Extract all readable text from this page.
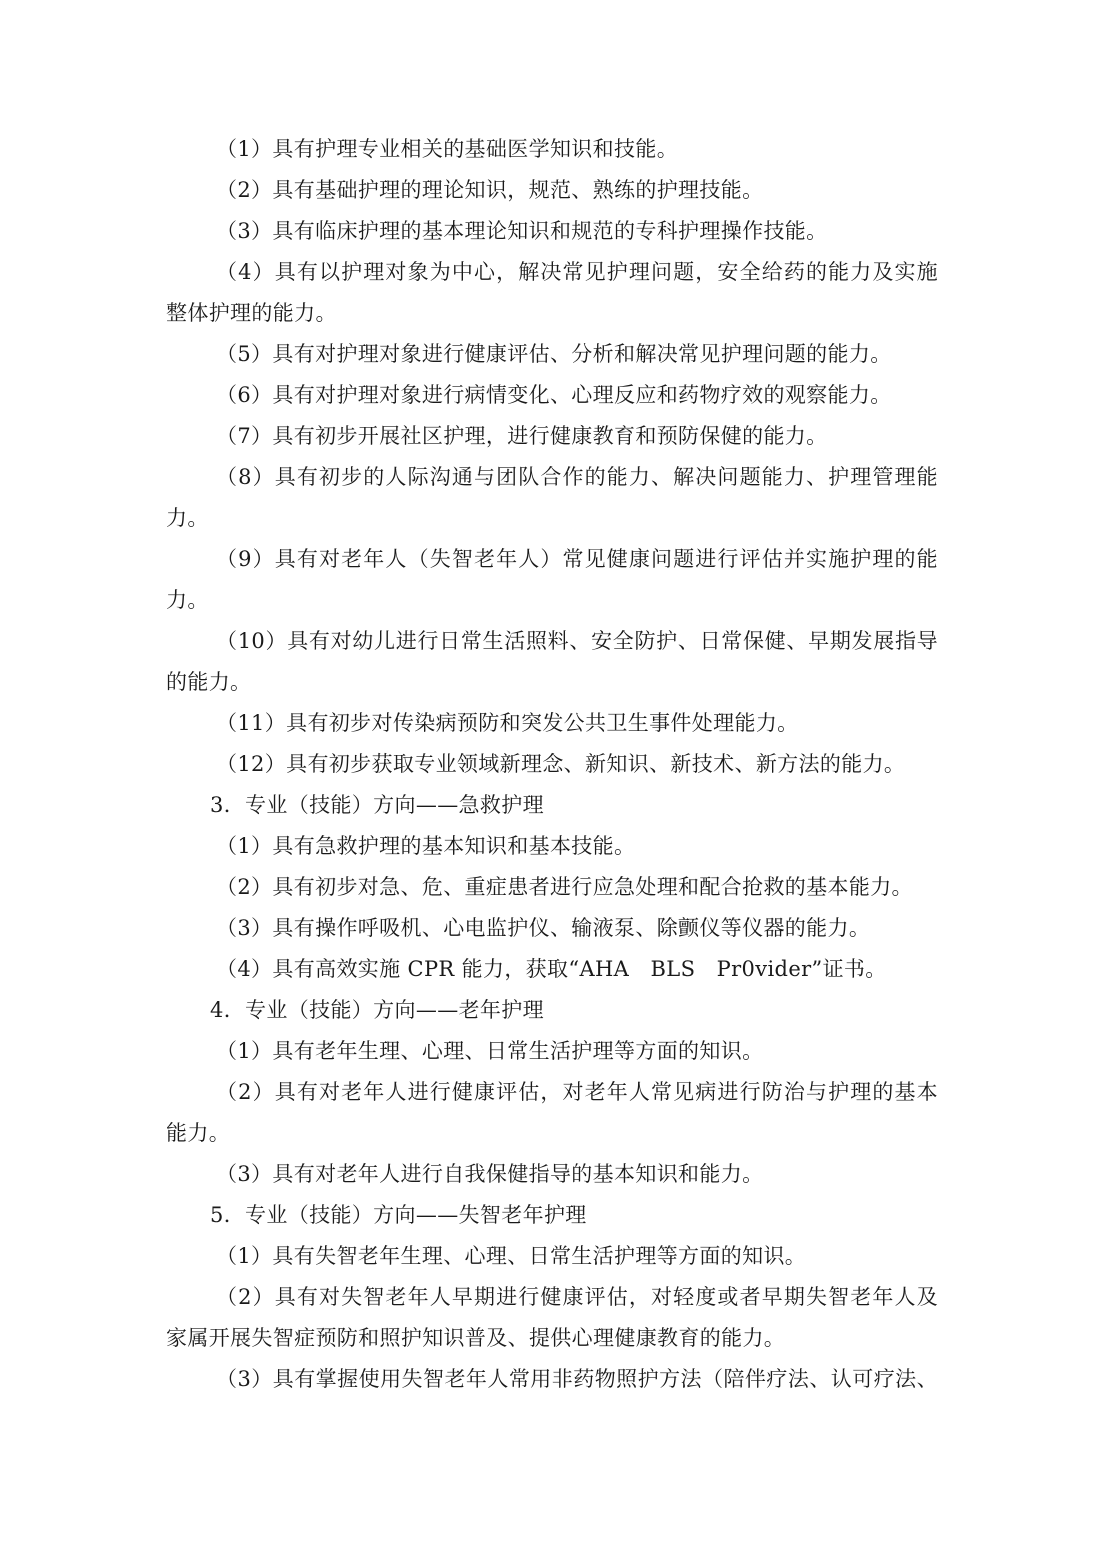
（1）具有护理专业相关的基础医学知识和技能。

（2）具有基础护理的理论知识，规范、熟练的护理技能。

（3）具有临床护理的基本理论知识和规范的专科护理操作技能。

（4）具有以护理对象为中心，解决常见护理问题，安全给药的能力及实施
整体护理的能力。

（5）具有对护理对象进行健康评估、分析和解决常见护理问题的能力。

（6）具有对护理对象进行病情变化、心理反应和药物疗效的观察能力。

（7）具有初步开展社区护理，进行健康教育和预防保健的能力。

（8）具有初步的人际沟通与团队合作的能力、解决问题能力、护理管理能
力。

（9）具有对老年人（失智老年人）常见健康问题进行评估并实施护理的能
力。

（10）具有对幼儿进行日常生活照料、安全防护、日常保健、早期发展指导
的能力。

（11）具有初步对传染病预防和突发公共卫生事件处理能力。

（12）具有初步获取专业领域新理念、新知识、新技术、新方法的能力。

3．专业（技能）方向——急救护理

（1）具有急救护理的基本知识和基本技能。

（2）具有初步对急、危、重症患者进行应急处理和配合抢救的基本能力。

（3）具有操作呼吸机、心电监护仪、输液泵、除颤仪等仪器的能力。

（4）具有高效实施 CPR 能力，获取“AHA　BLS　Pr0vider”证书。

4．专业（技能）方向——老年护理

（1）具有老年生理、心理、日常生活护理等方面的知识。

（2）具有对老年人进行健康评估，对老年人常见病进行防治与护理的基本
能力。

（3）具有对老年人进行自我保健指导的基本知识和能力。

5．专业（技能）方向——失智老年护理

（1）具有失智老年生理、心理、日常生活护理等方面的知识。

（2）具有对失智老年人早期进行健康评估，对轻度或者早期失智老年人及
家属开展失智症预防和照护知识普及、提供心理健康教育的能力。

（3）具有掌握使用失智老年人常用非药物照护方法（陪伴疗法、认可疗法、
